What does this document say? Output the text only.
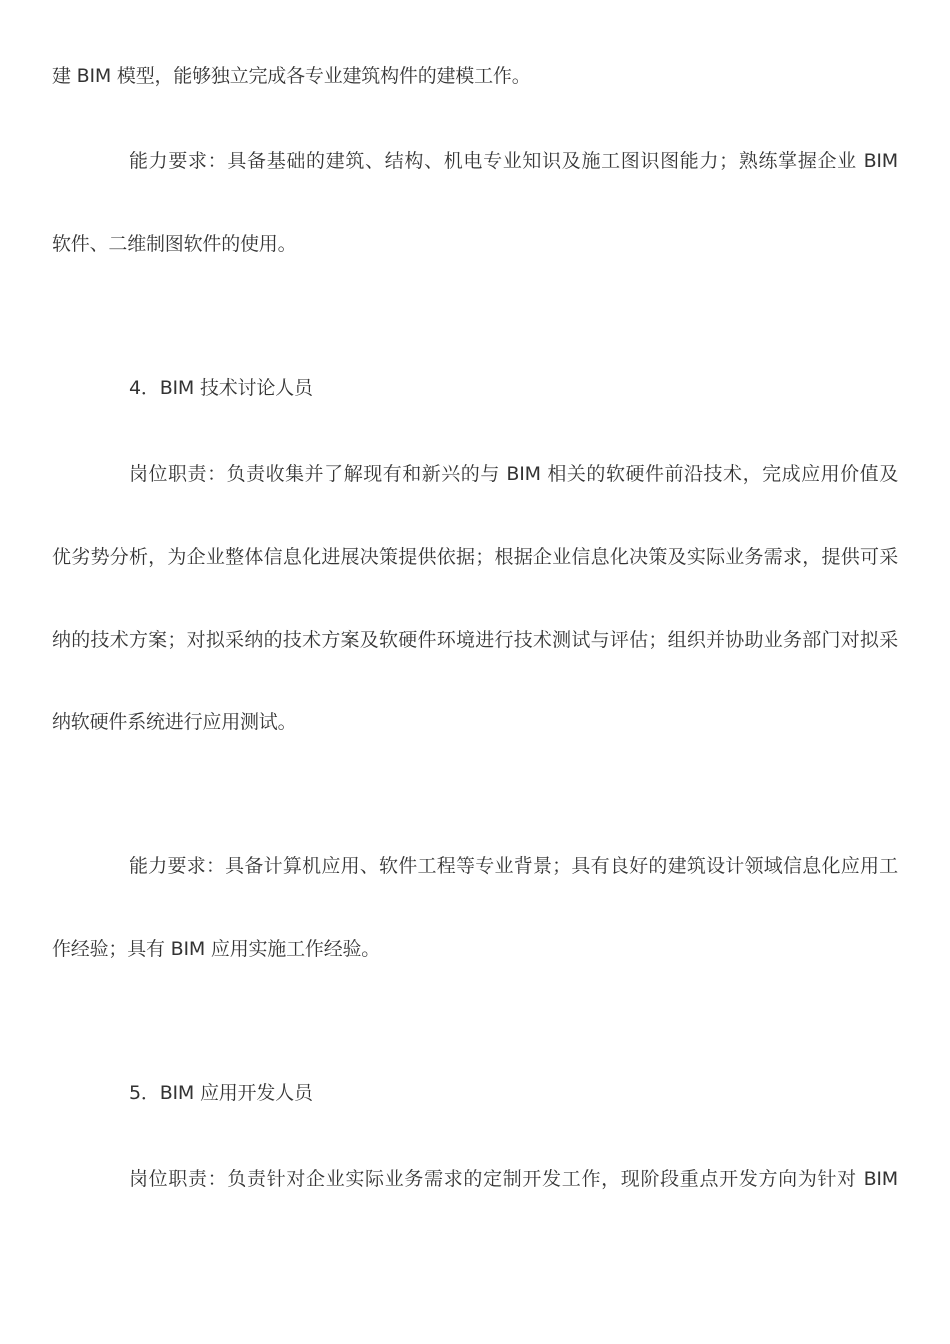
建 BIM 模型，能够独立完成各专业建筑构件的建模工作。
能力要求：具备基础的建筑、结构、机电专业知识及施工图识图能力；熟练掌握企业 BIM
软件、二维制图软件的使用。
4．BIM 技术讨论人员
岗位职责：负责收集并了解现有和新兴的与 BIM 相关的软硬件前沿技术，完成应用价值及
优劣势分析，为企业整体信息化进展决策提供依据；根据企业信息化决策及实际业务需求，提供可采
纳的技术方案；对拟采纳的技术方案及软硬件环境进行技术测试与评估；组织并协助业务部门对拟采
纳软硬件系统进行应用测试。
能力要求：具备计算机应用、软件工程等专业背景；具有良好的建筑设计领域信息化应用工
作经验；具有 BIM 应用实施工作经验。
5．BIM 应用开发人员
岗位职责：负责针对企业实际业务需求的定制开发工作，现阶段重点开发方向为针对 BIM
